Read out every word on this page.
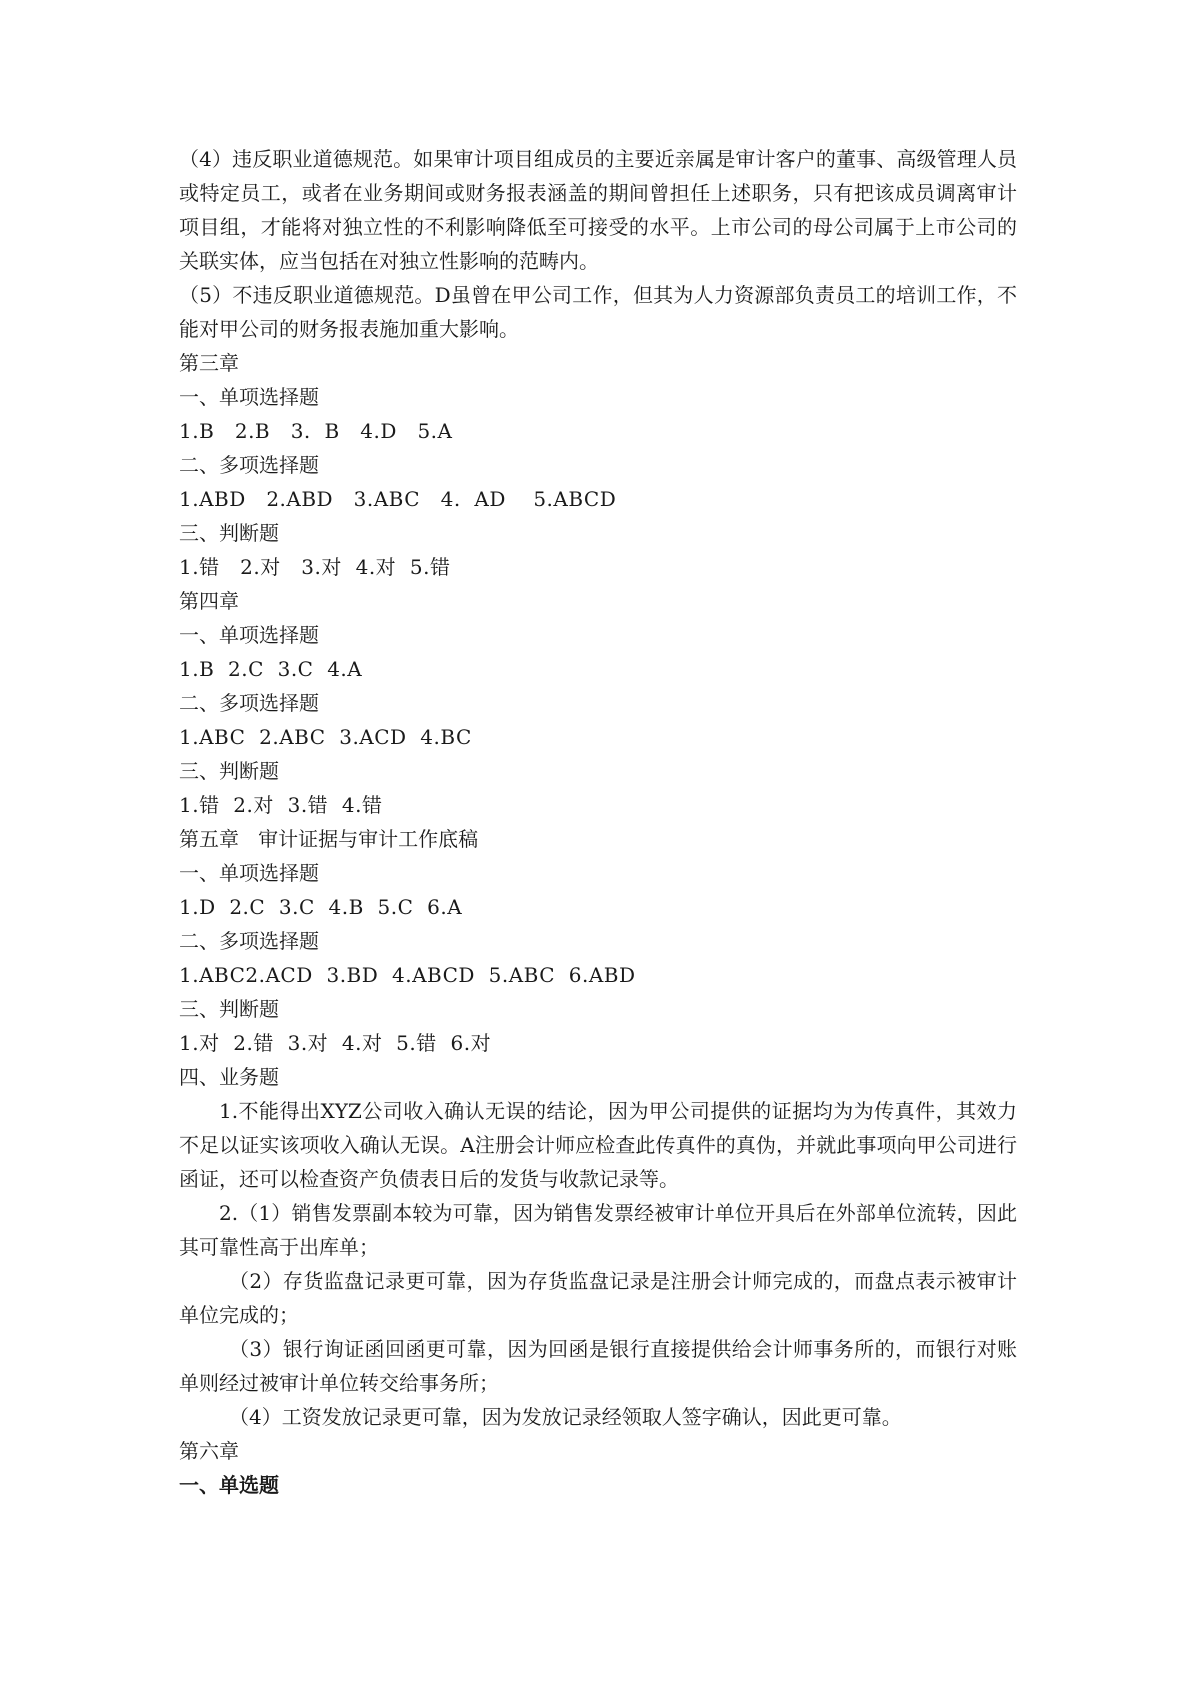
（4）违反职业道德规范。如果审计项目组成员的主要近亲属是审计客户的董事、高级管理人员或特定员工，或者在业务期间或财务报表涵盖的期间曾担任上述职务，只有把该成员调离审计项目组，才能将对独立性的不利影响降低至可接受的水平。上市公司的母公司属于上市公司的关联实体，应当包括在对独立性影响的范畴内。

（5）不违反职业道德规范。D虽曾在甲公司工作，但其为人力资源部负责员工的培训工作，不能对甲公司的财务报表施加重大影响。

第三章

一、单项选择题

1.B   2.B   3.  B   4.D   5.A

二、多项选择题

1.ABD   2.ABD   3.ABC   4.  AD    5.ABCD

三、判断题

1.错   2.对   3.对  4.对  5.错

第四章

一、单项选择题

1.B  2.C  3.C  4.A

二、多项选择题

1.ABC  2.ABC  3.ACD  4.BC

三、判断题

1.错  2.对  3.错  4.错

第五章   审计证据与审计工作底稿

一、单项选择题

1.D  2.C  3.C  4.B  5.C  6.A

二、多项选择题

1.ABC2.ACD  3.BD  4.ABCD  5.ABC  6.ABD

三、判断题

1.对  2.错  3.对  4.对  5.错  6.对

四、业务题

1.不能得出XYZ公司收入确认无误的结论，因为甲公司提供的证据均为为传真件，其效力不足以证实该项收入确认无误。A注册会计师应检查此传真件的真伪，并就此事项向甲公司进行函证，还可以检查资产负债表日后的发货与收款记录等。

2.（1）销售发票副本较为可靠，因为销售发票经被审计单位开具后在外部单位流转，因此其可靠性高于出库单；

（2）存货监盘记录更可靠，因为存货监盘记录是注册会计师完成的，而盘点表示被审计单位完成的；

（3）银行询证函回函更可靠，因为回函是银行直接提供给会计师事务所的，而银行对账单则经过被审计单位转交给事务所；

（4）工资发放记录更可靠，因为发放记录经领取人签字确认，因此更可靠。

第六章

一、单选题
